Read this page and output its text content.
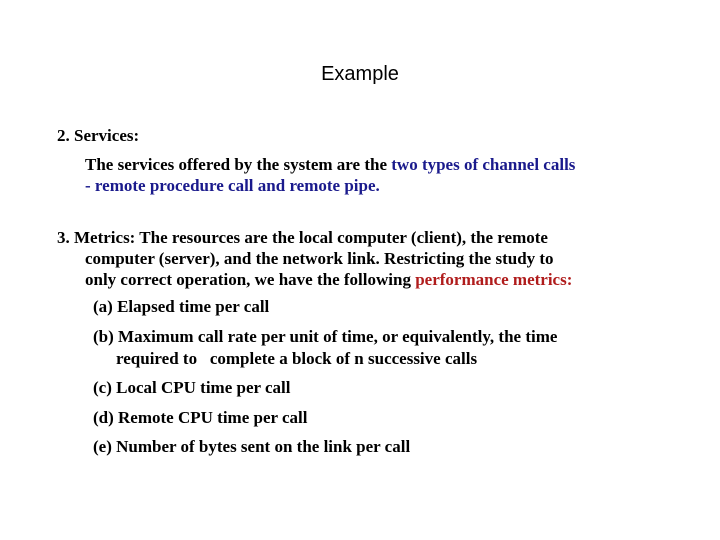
Example
2. Services:
The services offered by the system are the two types of channel calls
- remote procedure call and remote pipe.
3. Metrics: The resources are the local computer (client), the remote
computer (server), and the network link. Restricting the study to
only correct operation, we have the following performance metrics:
(a) Elapsed time per call
(b) Maximum call rate per unit of time, or equivalently, the time
required to   complete a block of n successive calls
(c) Local CPU time per call
(d) Remote CPU time per call
(e) Number of bytes sent on the link per call
